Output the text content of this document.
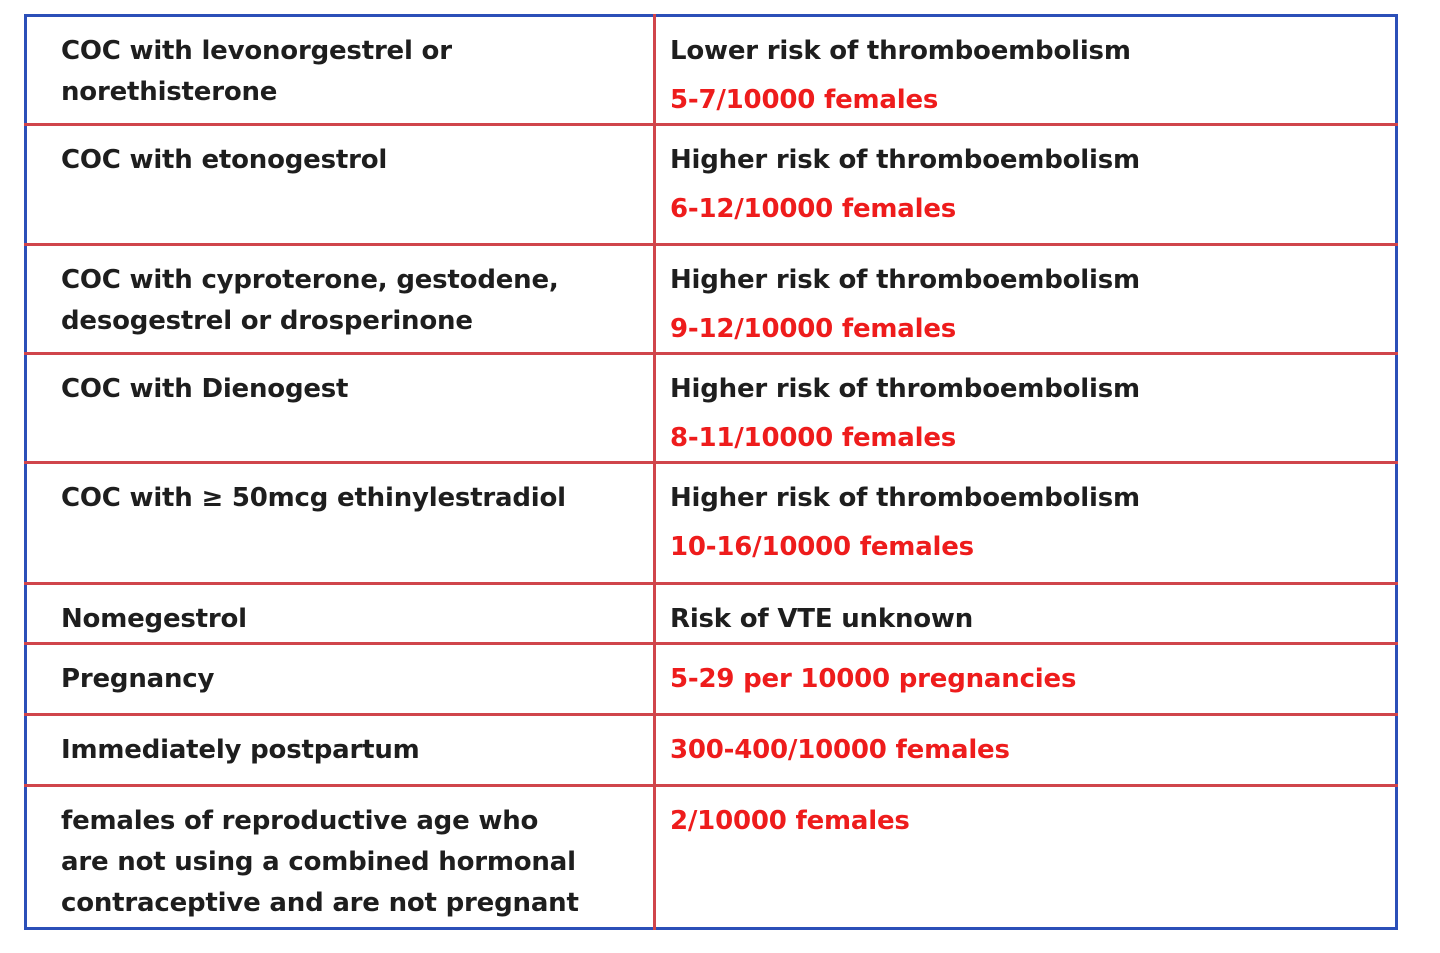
COC with levonorgestrel or norethisterone	Lower risk of thromboembolism
5-7/10000 females

COC with etonogestrol	Higher risk of thromboembolism
6-12/10000 females

COC with cyproterone, gestodene, desogestrel or drosperinone	Higher risk of thromboembolism
9-12/10000 females

COC with Dienogest	Higher risk of thromboembolism
8-11/10000 females

COC with ≥ 50mcg ethinylestradiol	Higher risk of thromboembolism
10-16/10000 females

Nomegestrol	Risk of VTE unknown

Pregnancy	5-29 per 10000 pregnancies

Immediately postpartum	300-400/10000 females

females of reproductive age who are not using a combined hormonal contraceptive and are not pregnant	2/10000 females
